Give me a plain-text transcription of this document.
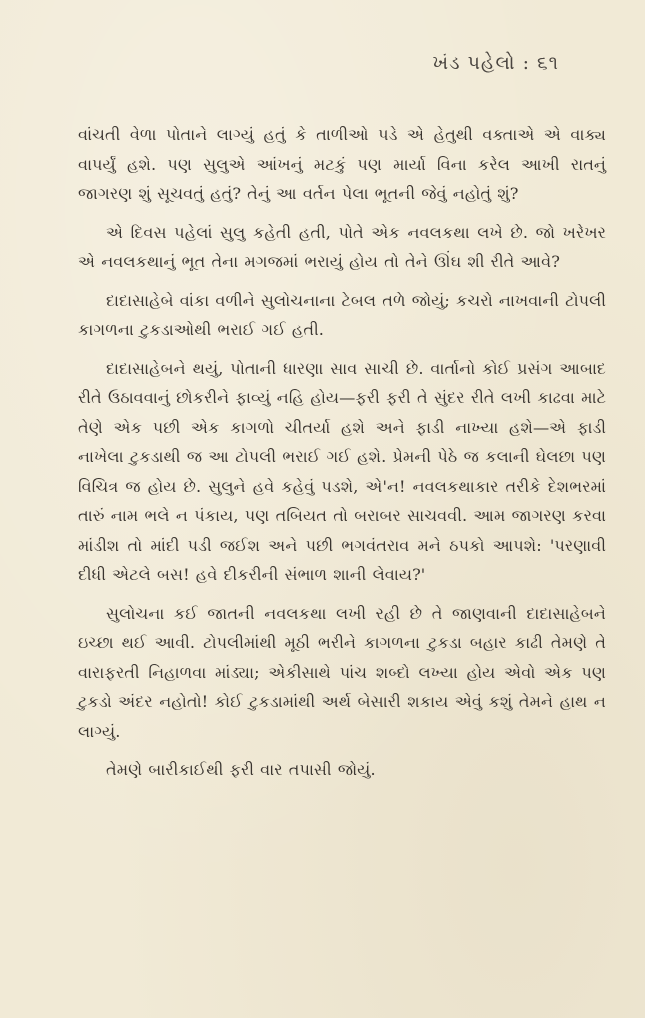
ખંડ પહેલો : ૬૧

વાંચતી વેળા પોતાને લાગ્યું હતું કે તાળીઓ પડે એ હેતુથી વક્તાએ એ વાક્ય વાપર્યું હશે. પણ સુલુએ આંખનું મટકું પણ માર્યા વિના કરેલ આખી રાતનું જાગરણ શું સૂચવતું હતું? તેનું આ વર્તન પેલા ભૂતની જેવું નહોતું શું?

એ દિવસ પહેલાં સુલુ કહેતી હતી, પોતે એક નવલકથા લખે છે. જો ખરેખર એ નવલકથાનું ભૂત તેના મગજમાં ભરાયું હોય તો તેને ઊંઘ શી રીતે આવે?

દાદાસાહેબે વાંકા વળીને સુલોચનાના ટેબલ તળે જોયું; કચરો નાખવાની ટોપલી કાગળના ટુકડાઓથી ભરાઈ ગઈ હતી.

દાદાસાહેબને થયું, પોતાની ધારણા સાવ સાચી છે. વાર્તાનો કોઈ પ્રસંગ આબાદ રીતે ઉઠાવવાનું છોકરીને ફાવ્યું નહિ હોય—ફરી ફરી તે સુંદર રીતે લખી કાઢવા માટે તેણે એક પછી એક કાગળો ચીતર્યા હશે અને ફાડી નાખ્યા હશે—એ ફાડી નાખેલા ટુકડાથી જ આ ટોપલી ભરાઈ ગઈ હશે. પ્રેમની પેઠે જ કલાની ઘેલછા પણ વિચિત્ર જ હોય છે. સુલુને હવે કહેવું પડશે, એ'ન! નવલકથાકાર તરીકે દેશભરમાં તારું નામ ભલે ન પંકાય, પણ તબિયત તો બરાબર સાચવવી. આમ જાગરણ કરવા માંડીશ તો માંદી પડી જઈશ અને પછી ભગવંતરાવ મને ઠપકો આપશે: 'પરણાવી દીધી એટલે બસ! હવે દીકરીની સંભાળ શાની લેવાય?'

સુલોચના કઈ જાતની નવલકથા લખી રહી છે તે જાણવાની દાદાસાહેબને ઇચ્છા થઈ આવી. ટોપલીમાંથી મૂઠી ભરીને કાગળના ટુકડા બહાર કાઢી તેમણે તે વારાફરતી નિહાળવા માંડ્યા; એકીસાથે પાંચ શબ્દો લખ્યા હોય એવો એક પણ ટુકડો અંદર નહોતો! કોઈ ટુકડામાંથી અર્થ બેસારી શકાય એવું કશું તેમને હાથ ન લાગ્યું.

તેમણે બારીકાઈથી ફરી વાર તપાસી જોયું.
